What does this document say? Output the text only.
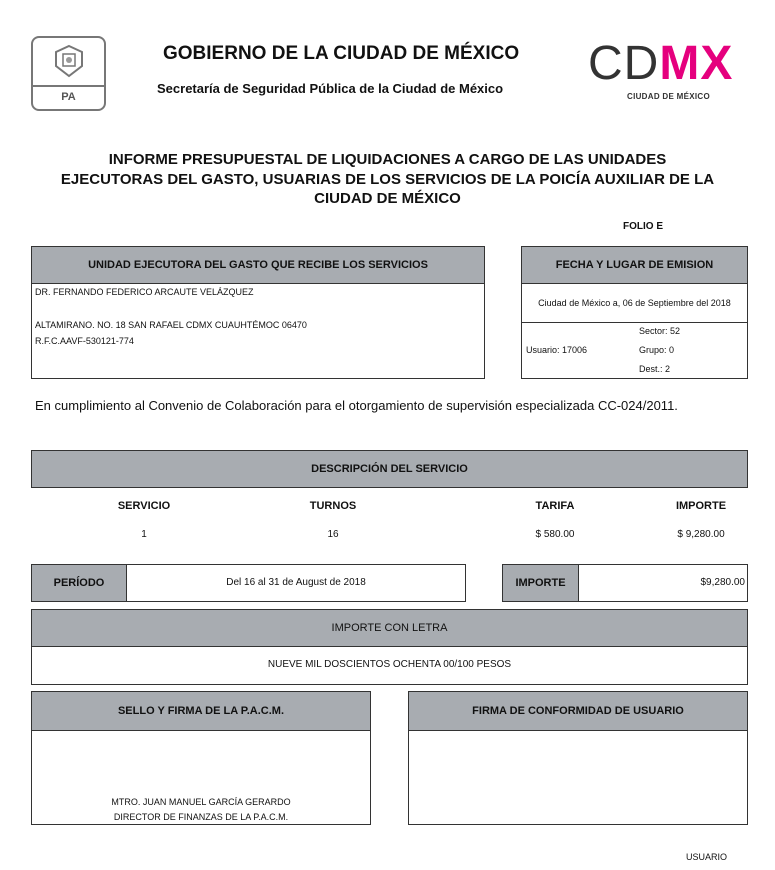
PA
GOBIERNO DE LA CIUDAD DE MÉXICO
Secretaría de Seguridad Pública de la Ciudad de México CDMX
CIUDAD DE MÉXICO
INFORME PRESUPUESTAL DE LIQUIDACIONES A CARGO DE LAS UNIDADES
EJECUTORAS DEL GASTO, USUARIAS DE LOS SERVICIOS DE LA POICÍA AUXILIAR DE LA
CIUDAD DE MÉXICO
FOLIO E
UNIDAD EJECUTORA DEL GASTO QUE RECIBE LOS SERVICIOS
DR. FERNANDO FEDERICO ARCAUTE VELÁZQUEZ
ALTAMIRANO. NO. 18 SAN RAFAEL CDMX CUAUHTÉMOC 06470
R.F.C.AAVF-530121-774
FECHA Y LUGAR DE EMISION
Ciudad de México a, 06 de Septiembre del 2018
Sector: 52
Usuario: 17006	Grupo: 0
Dest.: 2
En cumplimiento al Convenio de Colaboración para el otorgamiento de supervisión especializada CC-024/2011.
DESCRIPCIÓN DEL SERVICIO
SERVICIO	TURNOS	TARIFA	IMPORTE
1	16	$ 580.00	$ 9,280.00
PERÍODO	Del 16 al 31 de August de 2018	IMPORTE	$9,280.00
IMPORTE CON LETRA
NUEVE MIL DOSCIENTOS OCHENTA 00/100 PESOS
SELLO Y FIRMA DE LA P.A.C.M.
MTRO. JUAN MANUEL GARCÍA GERARDO
DIRECTOR DE FINANZAS DE LA P.A.C.M.
FIRMA DE CONFORMIDAD DE USUARIO
USUARIO
